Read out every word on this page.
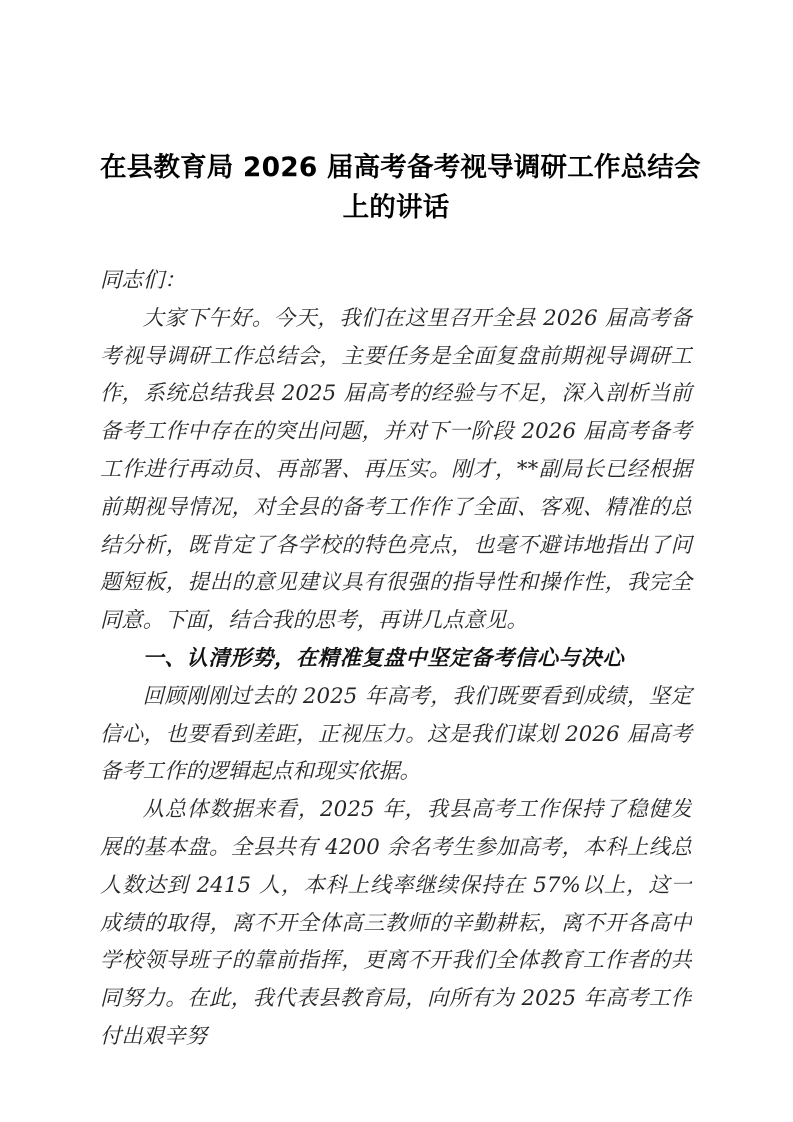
在县教育局 2026 届高考备考视导调研工作总结会
上的讲话

同志们：

大家下午好。今天，我们在这里召开全县 2026 届高考备考视导调研工作总结会，主要任务是全面复盘前期视导调研工作，系统总结我县 2025 届高考的经验与不足，深入剖析当前备考工作中存在的突出问题，并对下一阶段 2026 届高考备考工作进行再动员、再部署、再压实。刚才，**副局长已经根据前期视导情况，对全县的备考工作作了全面、客观、精准的总结分析，既肯定了各学校的特色亮点，也毫不避讳地指出了问题短板，提出的意见建议具有很强的指导性和操作性，我完全同意。下面，结合我的思考，再讲几点意见。

一、认清形势，在精准复盘中坚定备考信心与决心

回顾刚刚过去的 2025 年高考，我们既要看到成绩，坚定信心，也要看到差距，正视压力。这是我们谋划 2026 届高考备考工作的逻辑起点和现实依据。

从总体数据来看，2025 年，我县高考工作保持了稳健发展的基本盘。全县共有 4200 余名考生参加高考，本科上线总人数达到 2415 人，本科上线率继续保持在 57%以上，这一成绩的取得，离不开全体高三教师的辛勤耕耘，离不开各高中学校领导班子的靠前指挥，更离不开我们全体教育工作者的共同努力。在此，我代表县教育局，向所有为 2025 年高考工作付出艰辛努
